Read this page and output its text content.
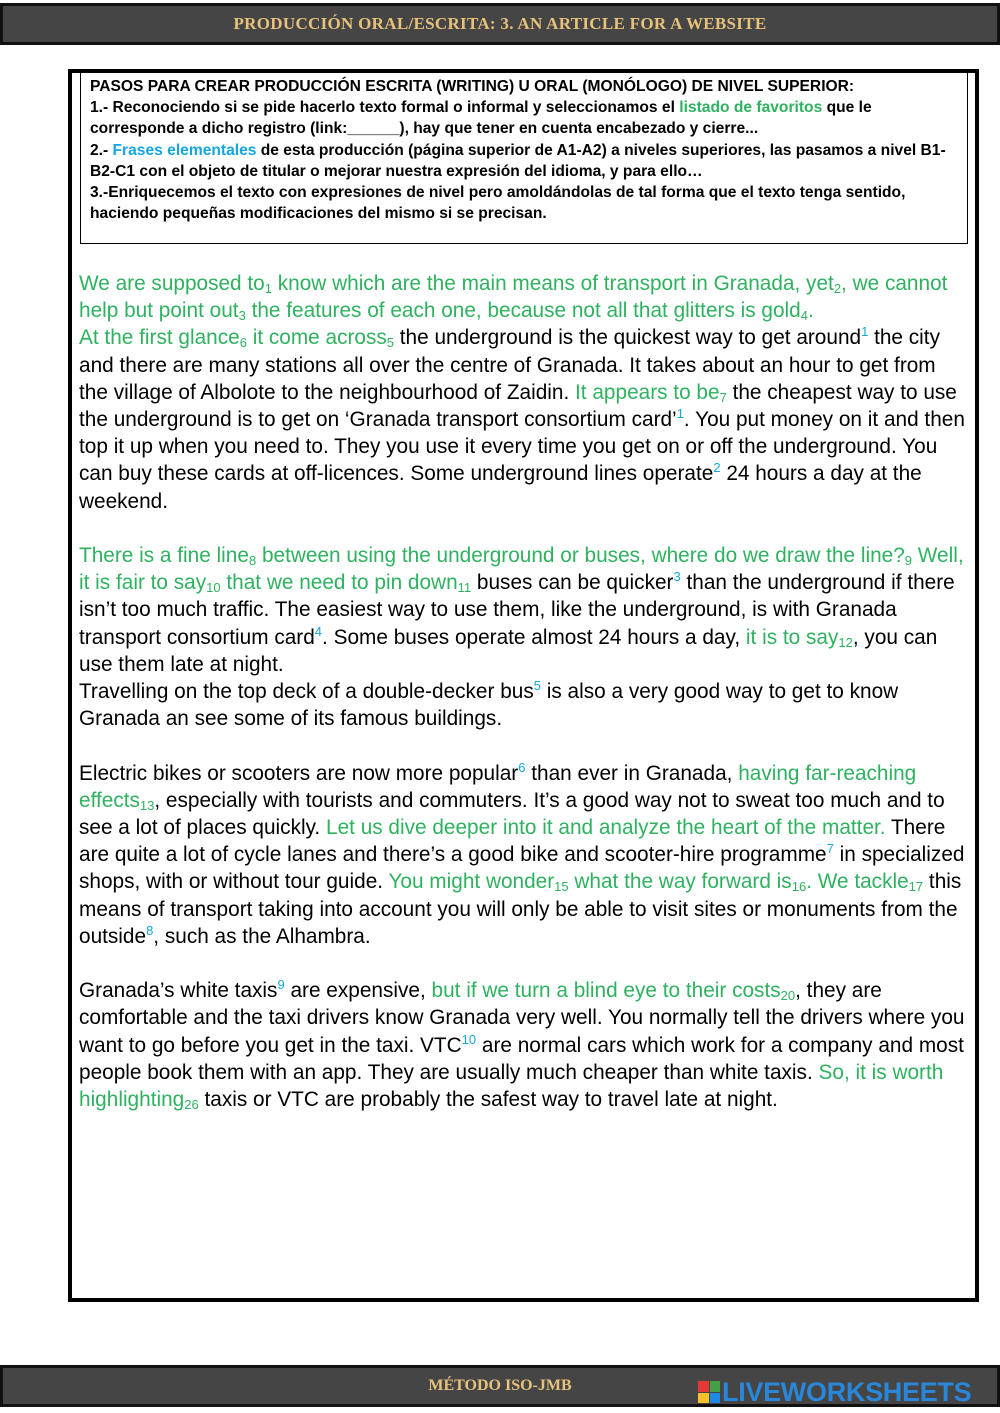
PRODUCCIÓN ORAL/ESCRITA: 3. AN ARTICLE FOR A WEBSITE

PASOS PARA CREAR PRODUCCIÓN ESCRITA (WRITING) U ORAL (MONÓLOGO) DE NIVEL SUPERIOR:

1.- Reconociendo si se pide hacerlo texto formal o informal y seleccionamos el listado de favoritos que le corresponde a dicho registro (link:______), hay que tener en cuenta encabezado y cierre...

2.- Frases elementales de esta producción (página superior de A1-A2) a niveles superiores, las pasamos a nivel B1-B2-C1 con el objeto de titular o mejorar nuestra expresión del idioma, y para ello…

3.-Enriquecemos el texto con expresiones de nivel pero amoldándolas de tal forma que el texto tenga sentido, haciendo pequeñas modificaciones del mismo si se precisan.

We are supposed $to_1$ know which are the main means of transport in Granada, yet$_2$, we cannot help but point out$_3$ the features of each one, because not all that glitters is gold$_4$.

At the first glance$_6$ it come across$_5$ the underground is the quickest way to get around$^1$ the city and there are many stations all over the centre of Granada. It takes about an hour to get from the village of Albolote to the neighbourhood of Zaidin. It appears to $be_7$ the cheapest way to use the underground is to get on ‘Granada transport consortium card’$^1$. You put money on it and then top it up when you need to. They you use it every time you get on or off the underground. You can buy these cards at off-licences. Some underground lines operate$^2$ 24 hours a day at the weekend.

There is a fine line$_8$ between using the underground or buses, where do we draw the $line?_9$ Well, it is fair to say$_{10}$ that we need to pin down$_{11}$ buses can be quicker$^3$ than the underground if there isn’t too much traffic. The easiest way to use them, like the underground, is with Granada transport consortium card$^4$. Some buses operate almost 24 hours a day, it is to say$_{12}$, you can use them late at night.
Travelling on the top deck of a double-decker bus$^5$ is also a very good way to get to know Granada an see some of its famous buildings.

Electric bikes or scooters are now more popular$^6$ than ever in Granada, having far-reaching effects$_{13}$, especially with tourists and commuters. It’s a good way not to sweat too much and to see a lot of places quickly. Let us dive deeper into it and analyze the heart of the matter. There are quite a lot of cycle lanes and there’s a good bike and scooter-hire programme$^7$ in specialized shops, with or without tour guide. You might wonder$_{15}$ what the way forward $is_{16}$. We tackle$_{17}$ this means of transport taking into account you will only be able to visit sites or monuments from the outside$^8$, such as the Alhambra.

Granada’s white taxis$^9$ are expensive, but if we turn a blind eye to their costs$_{20}$, they are comfortable and the taxi drivers know Granada very well. You normally tell the drivers where you want to go before you get in the taxi. VTC$^{10}$ are normal cars which work for a company and most people book them with an app. They are usually much cheaper than white taxis. So, it is worth highlighting$_{26}$ taxis or VTC are probably the safest way to travel late at night.

MÉTODO ISO-JMB	LIVEWORKSHEETS
